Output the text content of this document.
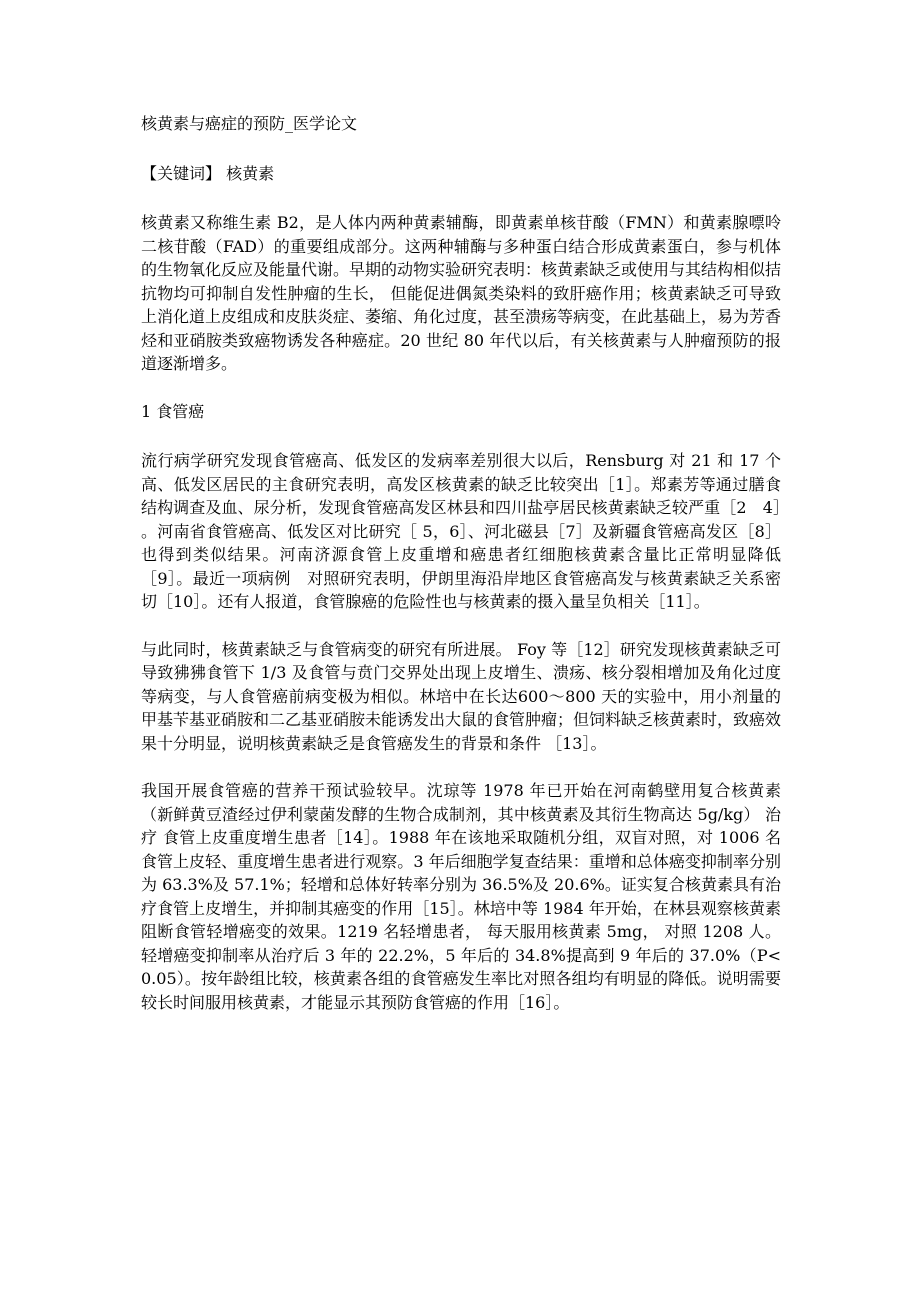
核黄素与癌症的预防_医学论文

【关键词】 核黄素

核黄素又称维生素 B2，是人体内两种黄素辅酶，即黄素单核苷酸（FMN）和黄素腺嘌呤二核苷酸（FAD）的重要组成部分。这两种辅酶与多种蛋白结合形成黄素蛋白，参与机体的生物氧化反应及能量代谢。早期的动物实验研究表明：核黄素缺乏或使用与其结构相似拮抗物均可抑制自发性肿瘤的生长， 但能促进偶氮类染料的致肝癌作用；核黄素缺乏可导致上消化道上皮组成和皮肤炎症、萎缩、角化过度，甚至溃疡等病变，在此基础上，易为芳香烃和亚硝胺类致癌物诱发各种癌症。20 世纪 80 年代以后，有关核黄素与人肿瘤预防的报道逐渐增多。

1 食管癌

流行病学研究发现食管癌高、低发区的发病率差别很大以后，Rensburg 对 21 和 17 个高、低发区居民的主食研究表明，高发区核黄素的缺乏比较突出［1］。郑素芳等通过膳食结构调查及血、尿分析，发现食管癌高发区林县和四川盐亭居民核黄素缺乏较严重［2　4］　。河南省食管癌高、低发区对比研究［ 5，6］、河北磁县［7］及新疆食管癌高发区［8］也得到类似结果。河南济源食管上皮重增和癌患者红细胞核黄素含量比正常明显降低［9］。最近一项病例　对照研究表明，伊朗里海沿岸地区食管癌高发与核黄素缺乏关系密切［10］。还有人报道，食管腺癌的危险性也与核黄素的摄入量呈负相关［11］。

与此同时，核黄素缺乏与食管病变的研究有所进展。 Foy 等［12］研究发现核黄素缺乏可导致狒狒食管下 1/3 及食管与贲门交界处出现上皮增生、溃疡、核分裂相增加及角化过度等病变，与人食管癌前病变极为相似。林培中在长达600～800 天的实验中，用小剂量的甲基苄基亚硝胺和二乙基亚硝胺未能诱发出大鼠的食管肿瘤；但饲料缺乏核黄素时，致癌效果十分明显，说明核黄素缺乏是食管癌发生的背景和条件 ［13］。

我国开展食管癌的营养干预试验较早。沈琼等 1978 年已开始在河南鹤壁用复合核黄素（新鲜黄豆渣经过伊利蒙菌发酵的生物合成制剂，其中核黄素及其衍生物高达 5g/kg） 治疗 食管上皮重度增生患者［14］。1988 年在该地采取随机分组，双盲对照，对 1006 名食管上皮轻、重度增生患者进行观察。3 年后细胞学复查结果：重增和总体癌变抑制率分别为 63.3%及 57.1%；轻增和总体好转率分别为 36.5%及 20.6%。证实复合核黄素具有治疗食管上皮增生，并抑制其癌变的作用［15］。林培中等 1984 年开始，在林县观察核黄素阻断食管轻增癌变的效果。1219 名轻增患者， 每天服用核黄素 5mg， 对照 1208 人。轻增癌变抑制率从治疗后 3 年的 22.2%，5 年后的 34.8%提高到 9 年后的 37.0%（P<0.05）。按年龄组比较，核黄素各组的食管癌发生率比对照各组均有明显的降低。说明需要较长时间服用核黄素，才能显示其预防食管癌的作用［16］。
